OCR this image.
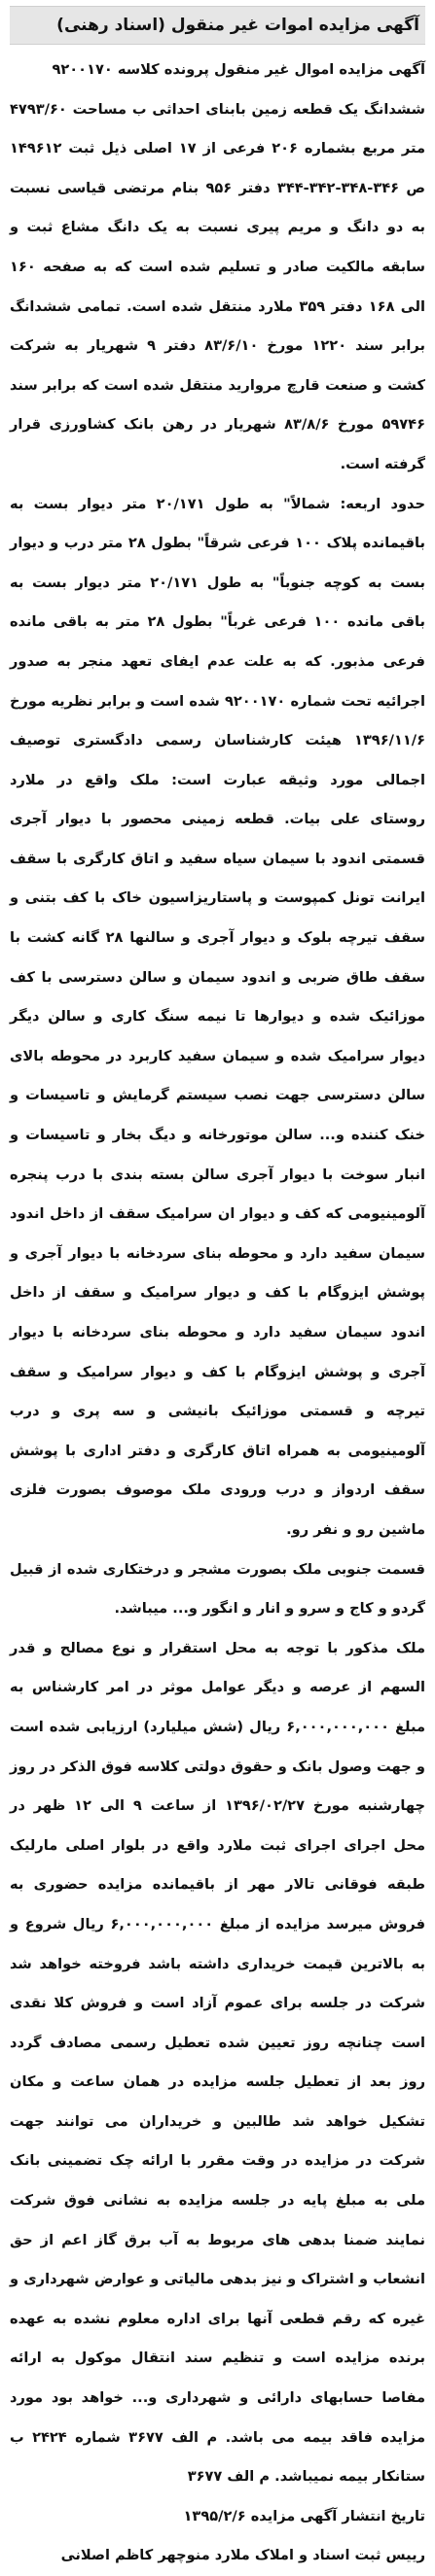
آگهی مزایده اموات غیر منقول (اسناد رهنی)

آگهی مزایده اموال غیر منقول پرونده کلاسه ۹۲۰۰۱۷۰

ششدانگ یک قطعه زمین بابنای احداثی ب مساحت ۴۷۹۳/۶۰ متر مربع بشماره ۲۰۶ فرعی از ۱۷ اصلی ذیل ثبت ۱۴۹۶۱۲ ص ۳۴۶-۳۴۸-۳۴۲-۳۴۴ دفتر ۹۵۶ بنام مرتضی قیاسی نسبت به دو دانگ و مریم پیری نسبت به یک دانگ مشاع ثبت و سابقه مالکیت صادر و تسلیم شده است که به صفحه ۱۶۰ الی ۱۶۸ دفتر ۳۵۹ ملارد منتقل شده است. تمامی ششدانگ برابر سند ۱۲۲۰ مورخ ۸۳/۶/۱۰ دفتر ۹ شهریار به شرکت کشت و صنعت قارچ مروارید منتقل شده است که برابر سند ۵۹۷۴۶ مورخ ۸۳/۸/۶ شهریار در رهن بانک کشاورزی قرار گرفته است.

حدود اربعه: شمالاً" به طول ۲۰/۱۷۱ متر دیوار بست به باقیمانده پلاک ۱۰۰ فرعی شرقاً" بطول ۲۸ متر درب و دیوار بست به کوچه جنوباً" به طول ۲۰/۱۷۱ متر دیوار بست به باقی مانده ۱۰۰ فرعی غرباً" بطول ۲۸ متر به باقی مانده فرعی مذبور. که به علت عدم ایفای تعهد منجر به صدور اجرائیه تحت شماره ۹۲۰۰۱۷۰ شده است و برابر نظریه مورخ ۱۳۹۶/۱۱/۶ هیئت کارشناسان رسمی دادگستری توصیف اجمالی مورد وثیقه عبارت است: ملک واقع در ملارد روستای علی بیات. قطعه زمینی محصور با دیوار آجری قسمتی اندود با سیمان سیاه سفید و اتاق کارگری با سقف ایرانت تونل کمپوست و پاستاریزاسیون خاک با کف بتنی و سقف تیرچه بلوک و دیوار آجری و سالنها ۲۸ گانه کشت با سقف طاق ضربی و اندود سیمان و سالن دسترسی با کف موزائیک شده و دیوارها تا نیمه سنگ کاری و سالن دیگر دیوار سرامیک شده و سیمان سفید کاربرد در محوطه بالای سالن دسترسی جهت نصب سیستم گرمایش و تاسیسات و خنک کننده و... سالن موتورخانه و دیگ بخار و تاسیسات و انبار سوخت با دیوار آجری سالن بسته بندی با درب پنجره آلومینیومی که کف و دیوار ان سرامیک سقف از داخل اندود سیمان سفید دارد و محوطه بنای سردخانه با دیوار آجری و پوشش ایزوگام با کف و دیوار سرامیک و سقف از داخل اندود سیمان سفید دارد و محوطه بنای سردخانه با دیوار آجری و پوشش ایزوگام با کف و دیوار سرامیک و سقف تیرچه و قسمتی موزائیک بانیشی و سه پری و درب آلومینیومی به همراه اتاق کارگری و دفتر اداری با پوشش سقف اردواز و درب ورودی ملک موصوف بصورت فلزی ماشین رو و نفر رو.

قسمت جنوبی ملک بصورت مشجر و درختکاری شده از قبیل گردو و کاج و سرو و انار و انگور و... میباشد.

ملک مذکور با توجه به محل استقرار و نوع مصالح و قدر السهم از عرصه و دیگر عوامل موثر در امر کارشناس به مبلغ ۶,۰۰۰,۰۰۰,۰۰۰ ریال (شش میلیارد) ارزیابی شده است و جهت وصول بانک و حقوق دولتی کلاسه فوق الذکر در روز چهارشنبه مورخ ۱۳۹۶/۰۲/۲۷ از ساعت ۹ الی ۱۲ ظهر در محل اجرای اجرای ثبت ملارد واقع در بلوار اصلی مارلیک طبقه فوقانی تالار مهر از باقیمانده مزایده حضوری به فروش میرسد مزایده از مبلغ ۶,۰۰۰,۰۰۰,۰۰۰ ریال شروع و به بالاترین قیمت خریداری داشته باشد فروخته خواهد شد شرکت در جلسه برای عموم آزاد است و فروش کلا نقدی است چنانچه روز تعیین شده تعطیل رسمی مصادف گردد روز بعد از تعطیل جلسه مزایده در همان ساعت و مکان تشکیل خواهد شد طالبین و خریداران می توانند جهت شرکت در مزایده در وقت مقرر با ارائه چک تضمینی بانک ملی به مبلغ پایه در جلسه مزایده به نشانی فوق شرکت نمایند ضمنا بدهی های مربوط به آب برق گاز اعم از حق انشعاب و اشتراک و نیز بدهی مالیاتی و عوارض شهرداری و غیره که رقم قطعی آنها برای اداره معلوم نشده به عهده برنده مزایده است و تنظیم سند انتقال موکول به ارائه مفاصا حسابهای دارائی و شهرداری و... خواهد بود مورد مزایده فاقد بیمه می باشد. م الف ۳۶۷۷ شماره ۲۴۲۴ ب ستانکار بیمه نمیباشد. م الف ۳۶۷۷

تاریخ انتشار آگهی مزایده ۱۳۹۵/۲/۶

رییس ثبت اسناد و املاک ملارد منوچهر کاظم اصلانی
